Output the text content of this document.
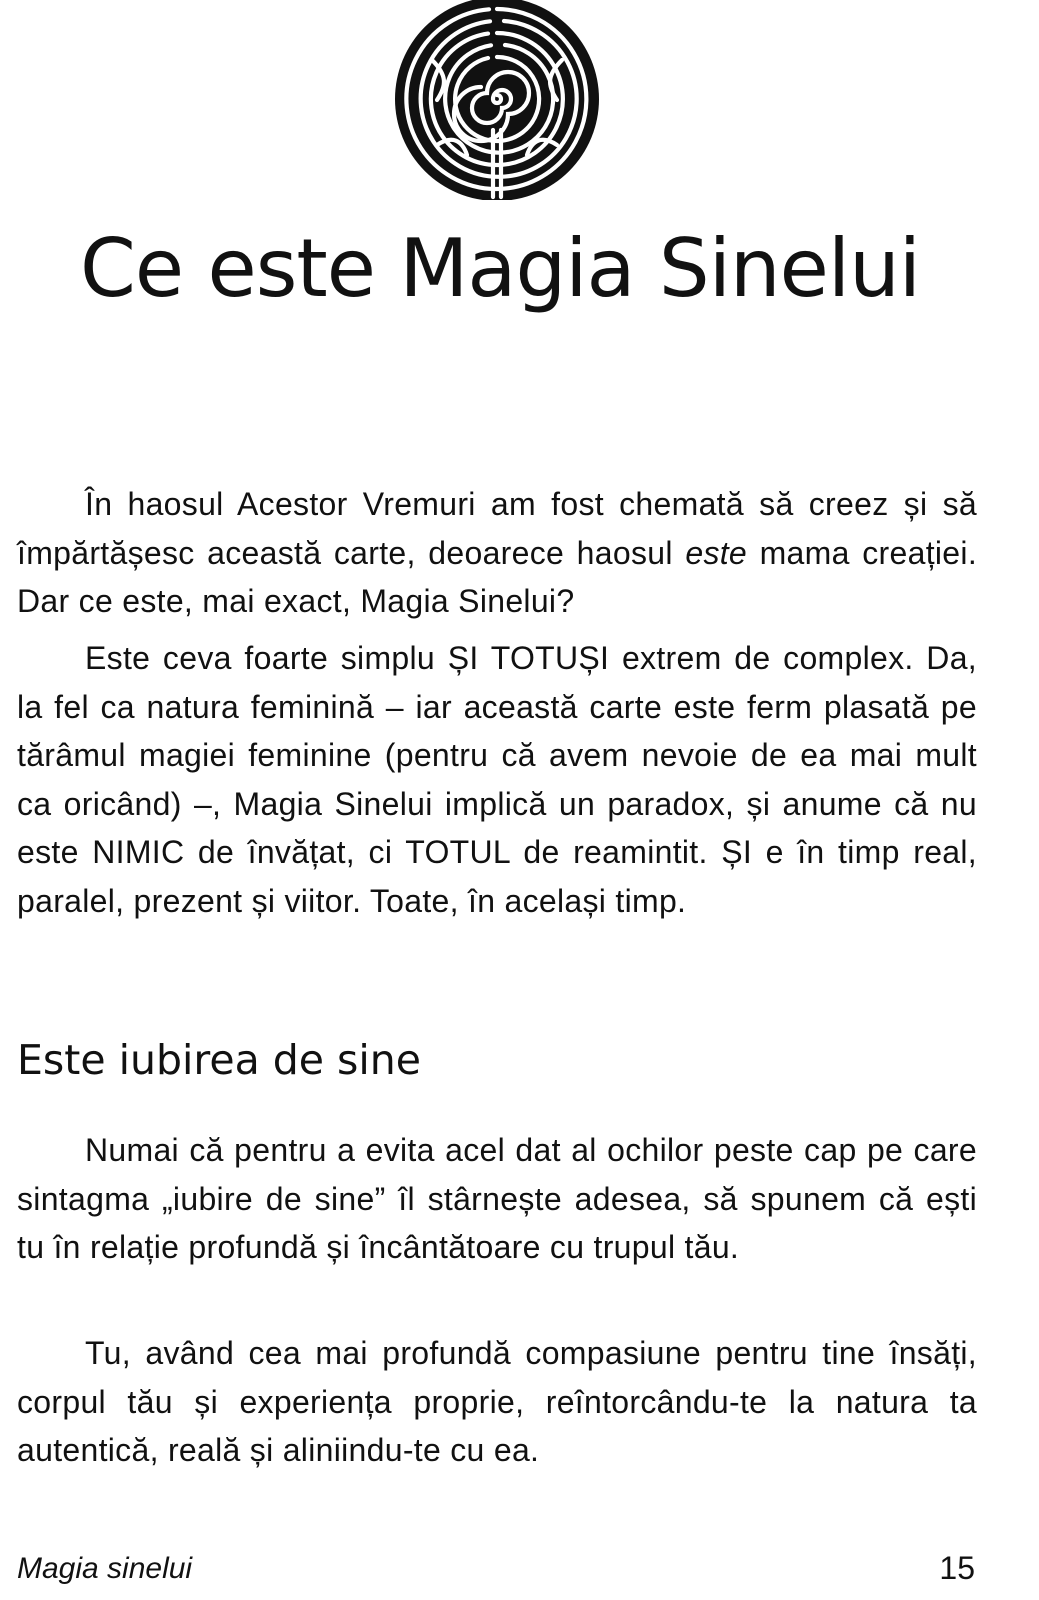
Ce este Magia Sinelui

În haosul Acestor Vremuri am fost chemată să creez și să împărtășesc această carte, deoarece haosul este mama creației. Dar ce este, mai exact, Magia Sinelui?

Este ceva foarte simplu ȘI TOTUȘI extrem de complex. Da, la fel ca natura feminină – iar această carte este ferm plasată pe tărâmul magiei feminine (pentru că avem nevoie de ea mai mult ca oricând) –, Magia Sinelui implică un paradox, și anume că nu este NIMIC de învățat, ci TOTUL de reamintit. ȘI e în timp real, paralel, prezent și viitor. Toate, în același timp.

Este iubirea de sine

Numai că pentru a evita acel dat al ochilor peste cap pe care sintagma „iubire de sine” îl stârnește adesea, să spunem că ești tu în relație profundă și încântătoare cu trupul tău.

Tu, având cea mai profundă compasiune pentru tine însăți, corpul tău și experiența proprie, reîntorcându-te la natura ta autentică, reală și aliniindu-te cu ea.

Magia sinelui	15
